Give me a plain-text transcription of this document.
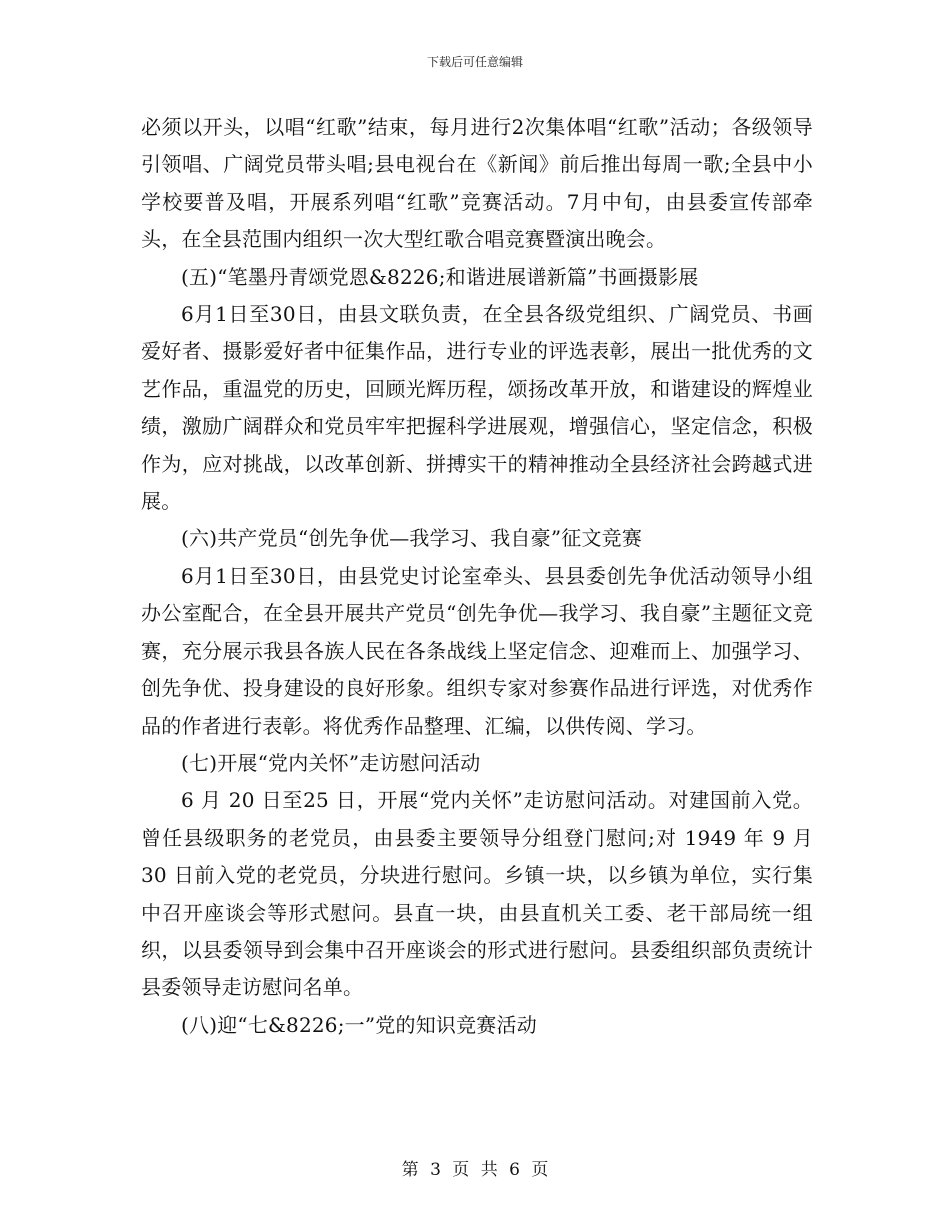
下载后可任意编辑

必须以开头，以唱“红歌”结束，每月进行2次集体唱“红歌”活动；各级领导引领唱、广阔党员带头唱;县电视台在《新闻》前后推出每周一歌;全县中小学校要普及唱，开展系列唱“红歌”竞赛活动。7月中旬，由县委宣传部牵头，在全县范围内组织一次大型红歌合唱竞赛暨演出晚会。

(五)“笔墨丹青颂党恩&8226;和谐进展谱新篇”书画摄影展

6月1日至30日，由县文联负责，在全县各级党组织、广阔党员、书画爱好者、摄影爱好者中征集作品，进行专业的评选表彰，展出一批优秀的文艺作品，重温党的历史，回顾光辉历程，颂扬改革开放，和谐建设的辉煌业绩，激励广阔群众和党员牢牢把握科学进展观，增强信心，坚定信念，积极作为，应对挑战，以改革创新、拼搏实干的精神推动全县经济社会跨越式进展。

(六)共产党员“创先争优—我学习、我自豪”征文竞赛

6月1日至30日，由县党史讨论室牵头、县县委创先争优活动领导小组办公室配合，在全县开展共产党员“创先争优—我学习、我自豪”主题征文竞赛，充分展示我县各族人民在各条战线上坚定信念、迎难而上、加强学习、创先争优、投身建设的良好形象。组织专家对参赛作品进行评选，对优秀作品的作者进行表彰。将优秀作品整理、汇编，以供传阅、学习。

(七)开展“党内关怀”走访慰问活动

6 月 20 日至25 日，开展“党内关怀”走访慰问活动。对建国前入党。 曾任县级职务的老党员，由县委主要领导分组登门慰问;对 1949 年 9 月 30 日前入党的老党员，分块进行慰问。乡镇一块，以乡镇为单位，实行集中召开座谈会等形式慰问。县直一块，由县直机关工委、老干部局统一组织，以县委领导到会集中召开座谈会的形式进行慰问。县委组织部负责统计县委领导走访慰问名单。

(八)迎“七&8226;一”党的知识竞赛活动

第 3 页 共 6 页
